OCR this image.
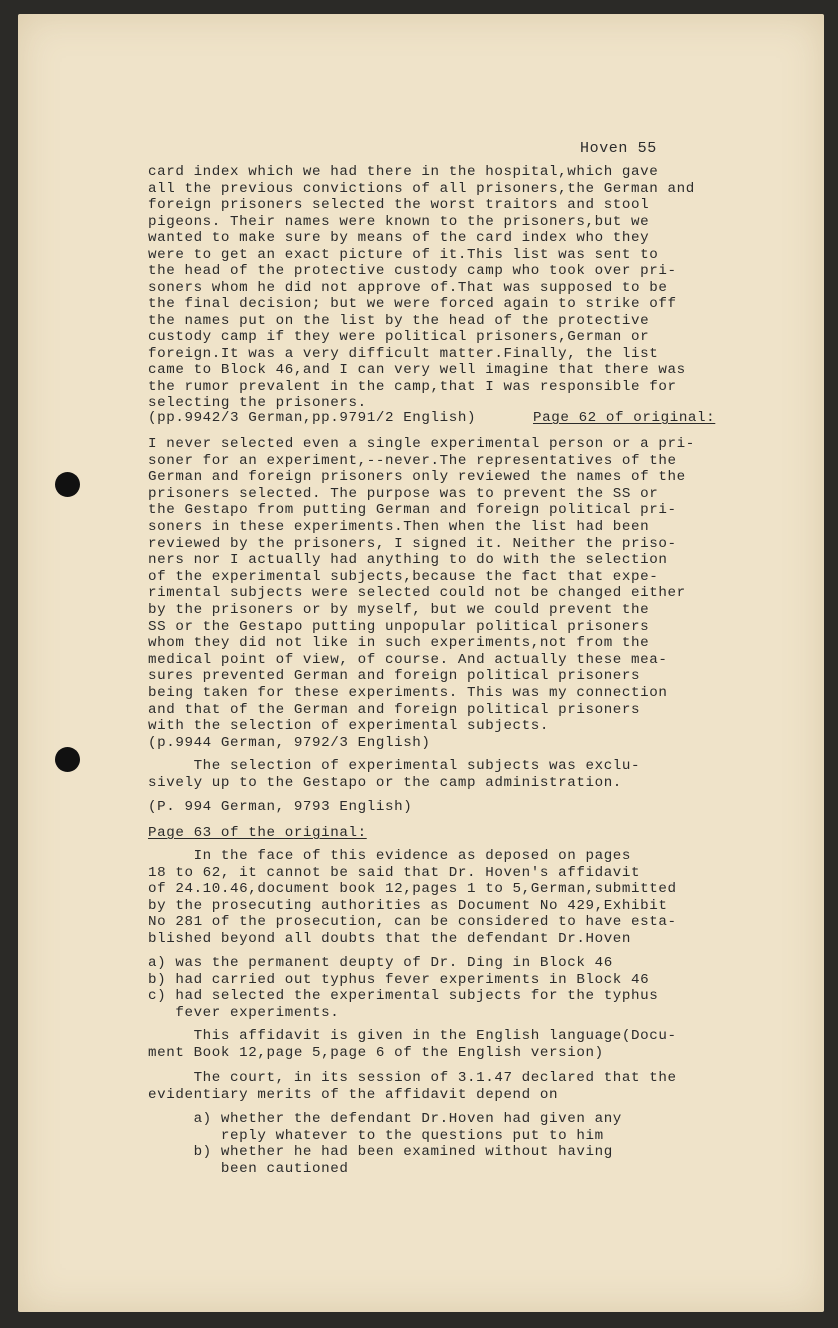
Hoven 55

card index which we had there in the hospital,which gave
all the previous convictions of all prisoners,the German and
foreign prisoners selected the worst traitors and stool
pigeons. Their names were known to the prisoners,but we
wanted to make sure by means of the card index who they
were to get an exact picture of it.This list was sent to
the head of the protective custody camp who took over pri-
soners whom he did not approve of.That was supposed to be
the final decision; but we were forced again to strike off
the names put on the list by the head of the protective
custody camp if they were political prisoners,German or
foreign.It was a very difficult matter.Finally, the list
came to Block 46,and I can very well imagine that there was
the rumor prevalent in the camp,that I was responsible for
selecting the prisoners.

(pp.9942/3 German,pp.9791/2 English)

	Page 62 of original:

I never selected even a single experimental person or a pri-
soner for an experiment,--never.The representatives of the
German and foreign prisoners only reviewed the names of the
prisoners selected. The purpose was to prevent the SS or
the Gestapo from putting German and foreign political pri-
soners in these experiments.Then when the list had been
reviewed by the prisoners, I signed it. Neither the priso-
ners nor I actually had anything to do with the selection
of the experimental subjects,because the fact that expe-
rimental subjects were selected could not be changed either
by the prisoners or by myself, but we could prevent the
SS or the Gestapo putting unpopular political prisoners
whom they did not like in such experiments,not from the
medical point of view, of course. And actually these mea-
sures prevented German and foreign political prisoners
being taken for these experiments. This was my connection
and that of the German and foreign political prisoners
with the selection of experimental subjects.
(p.9944 German, 9792/3 English)

The selection of experimental subjects was exclu-
sively up to the Gestapo or the camp administration.

(P. 994 German, 9793 English)

Page 63 of the original:

In the face of this evidence as deposed on pages
18 to 62, it cannot be said that Dr. Hoven's affidavit
of 24.10.46,document book 12,pages 1 to 5,German,submitted
by the prosecuting authorities as Document No 429,Exhibit
No 281 of the prosecution, can be considered to have esta-
blished beyond all doubts that the defendant Dr.Hoven

a) was the permanent deupty of Dr. Ding in Block 46
b) had carried out typhus fever experiments in Block 46
c) had selected the experimental subjects for the typhus
fever experiments.

This affidavit is given in the English language(Docu-
ment Book 12,page 5,page 6 of the English version)

The court, in its session of 3.1.47 declared that the
evidentiary merits of the affidavit depend on

a) whether the defendant Dr.Hoven had given any
reply whatever to the questions put to him
b) whether he had been examined without having
been cautioned
